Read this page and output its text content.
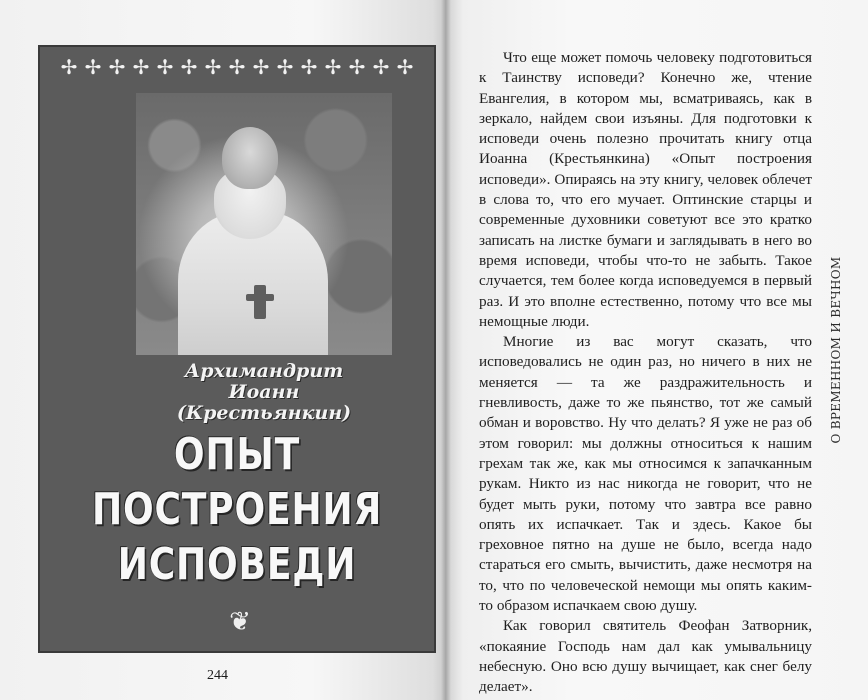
✢ ✢ ✢ ✢ ✢ ✢ ✢ ✢ ✢ ✢ ✢ ✢ ✢ ✢ ✢
Архимандрит
Иоанн (Крестьянкин)
ОПЫТ
ПОСТРОЕНИЯ
ИСПОВЕДИ
❦
244

Что еще может помочь человеку подготовиться к Таинству исповеди? Конечно же, чтение Евангелия, в котором мы, всматриваясь, как в зеркало, найдем свои изъяны. Для подготовки к исповеди очень полезно прочитать книгу отца Иоанна (Крестьянкина) «Опыт построения исповеди». Опираясь на эту книгу, человек облечет в слова то, что его мучает. Оптинские старцы и современные духовники советуют все это кратко записать на листке бумаги и заглядывать в него во время исповеди, чтобы что-то не забыть. Такое случается, тем более когда исповедуемся в первый раз. И это вполне естественно, потому что все мы немощные люди.

Многие из вас могут сказать, что исповедовались не один раз, но ничего в них не меняется — та же раздражительность и гневливость, даже то же пьянство, тот же самый обман и воровство. Ну что делать? Я уже не раз об этом говорил: мы должны относиться к нашим грехам так же, как мы относимся к запачканным рукам. Никто из нас никогда не говорит, что не будет мыть руки, потому что завтра все равно опять их испачкает. Так и здесь. Какое бы греховное пятно на душе не было, всегда надо стараться его смыть, вычистить, даже несмотря на то, что по человеческой немощи мы опять каким-то образом испачкаем свою душу.

Как говорил святитель Феофан Затворник, «покаяние Господь нам дал как умывальницу небесную. Оно всю душу вычищает, как снег белу делает».

О ВРЕМЕННОМ И ВЕЧНОМ
